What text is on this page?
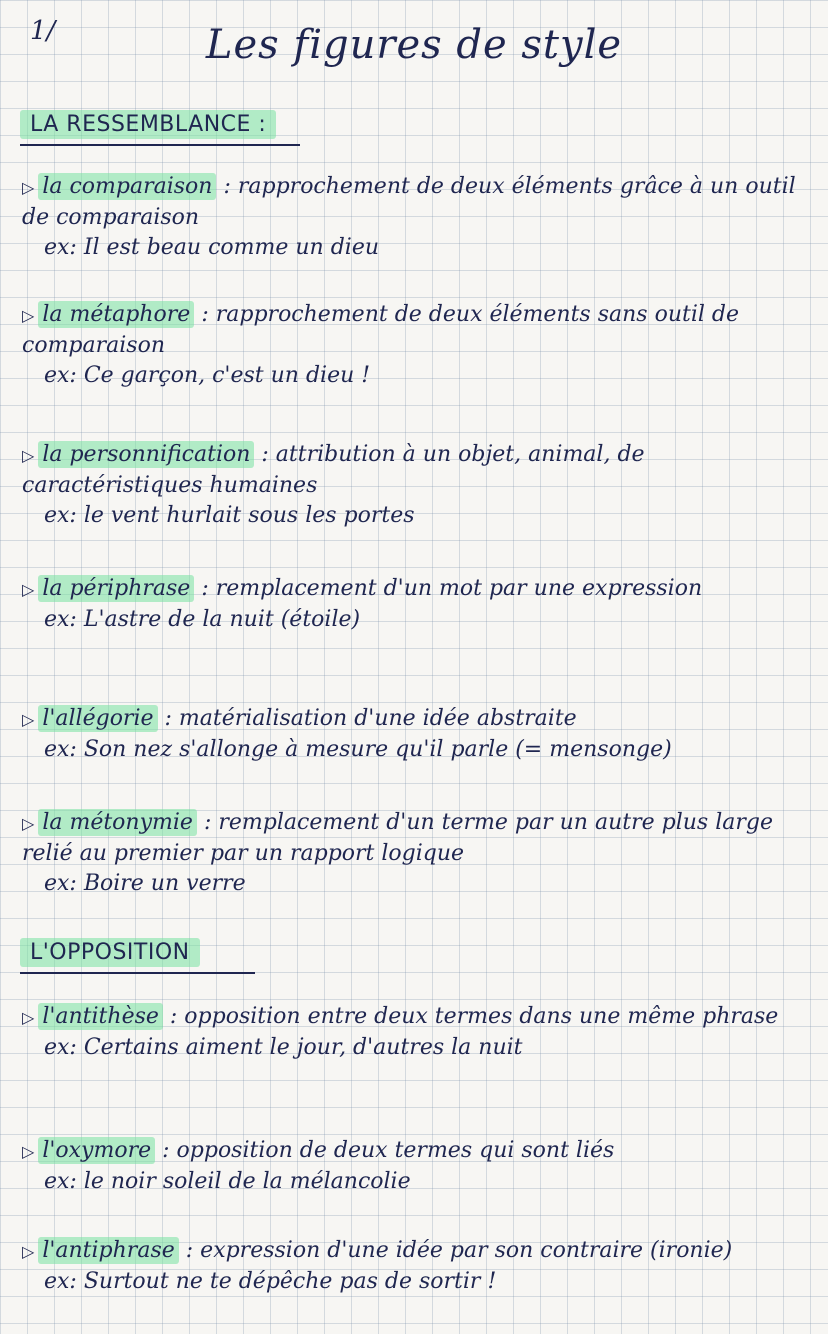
1/	Les figures de style
LA RESSEMBLANCE :
▷ la comparaison : rapprochement de deux éléments grâce à un outil de comparaison
ex: Il est beau comme un dieu
▷ la métaphore : rapprochement de deux éléments sans outil de comparaison
ex: Ce garçon, c'est un dieu !
▷ la personnification : attribution à un objet, animal, de caractéristiques humaines
ex: le vent hurlait sous les portes
▷ la périphrase : remplacement d'un mot par une expression
ex: L'astre de la nuit (étoile)
▷ l'allégorie : matérialisation d'une idée abstraite
ex: Son nez s'allonge à mesure qu'il parle (= mensonge)
▷ la métonymie : remplacement d'un terme par un autre plus large relié au premier par un rapport logique
ex: Boire un verre
L'OPPOSITION
▷ l'antithèse : opposition entre deux termes dans une même phrase
ex: Certains aiment le jour, d'autres la nuit
▷ l'oxymore : opposition de deux termes qui sont liés
ex: le noir soleil de la mélancolie
▷ l'antiphrase : expression d'une idée par son contraire (ironie)
ex: Surtout ne te dépêche pas de sortir !
